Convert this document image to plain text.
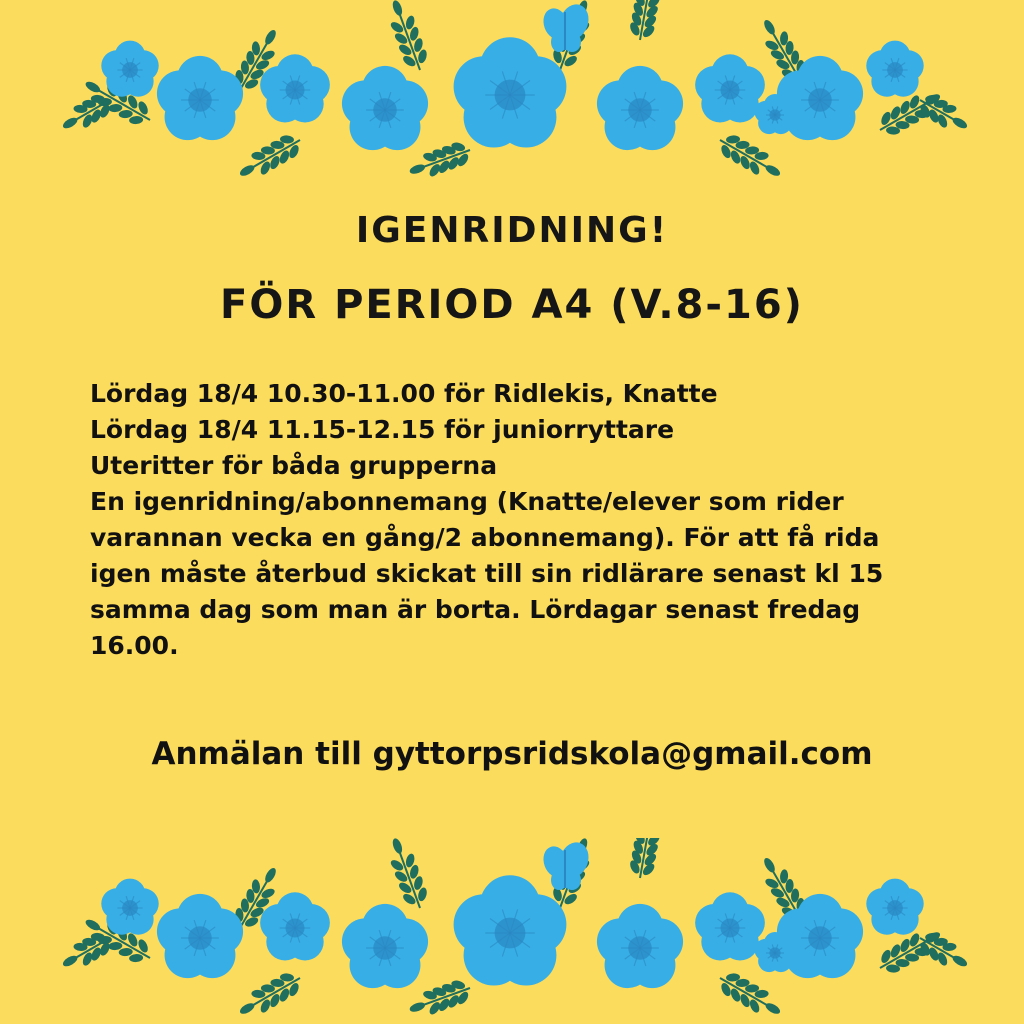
IGENRIDNING!
FÖR PERIOD A4 (V.8-16)
Lördag 18/4 10.30-11.00 för Ridlekis, Knatte
Lördag 18/4 11.15-12.15 för juniorryttare
Uteritter för båda grupperna
En igenridning/abonnemang (Knatte/elever som rider varannan vecka en gång/2 abonnemang). För att få rida igen måste återbud skickat till sin ridlärare senast kl 15 samma dag som man är borta. Lördagar senast fredag 16.00.
Anmälan till gyttorpsridskola@gmail.com
